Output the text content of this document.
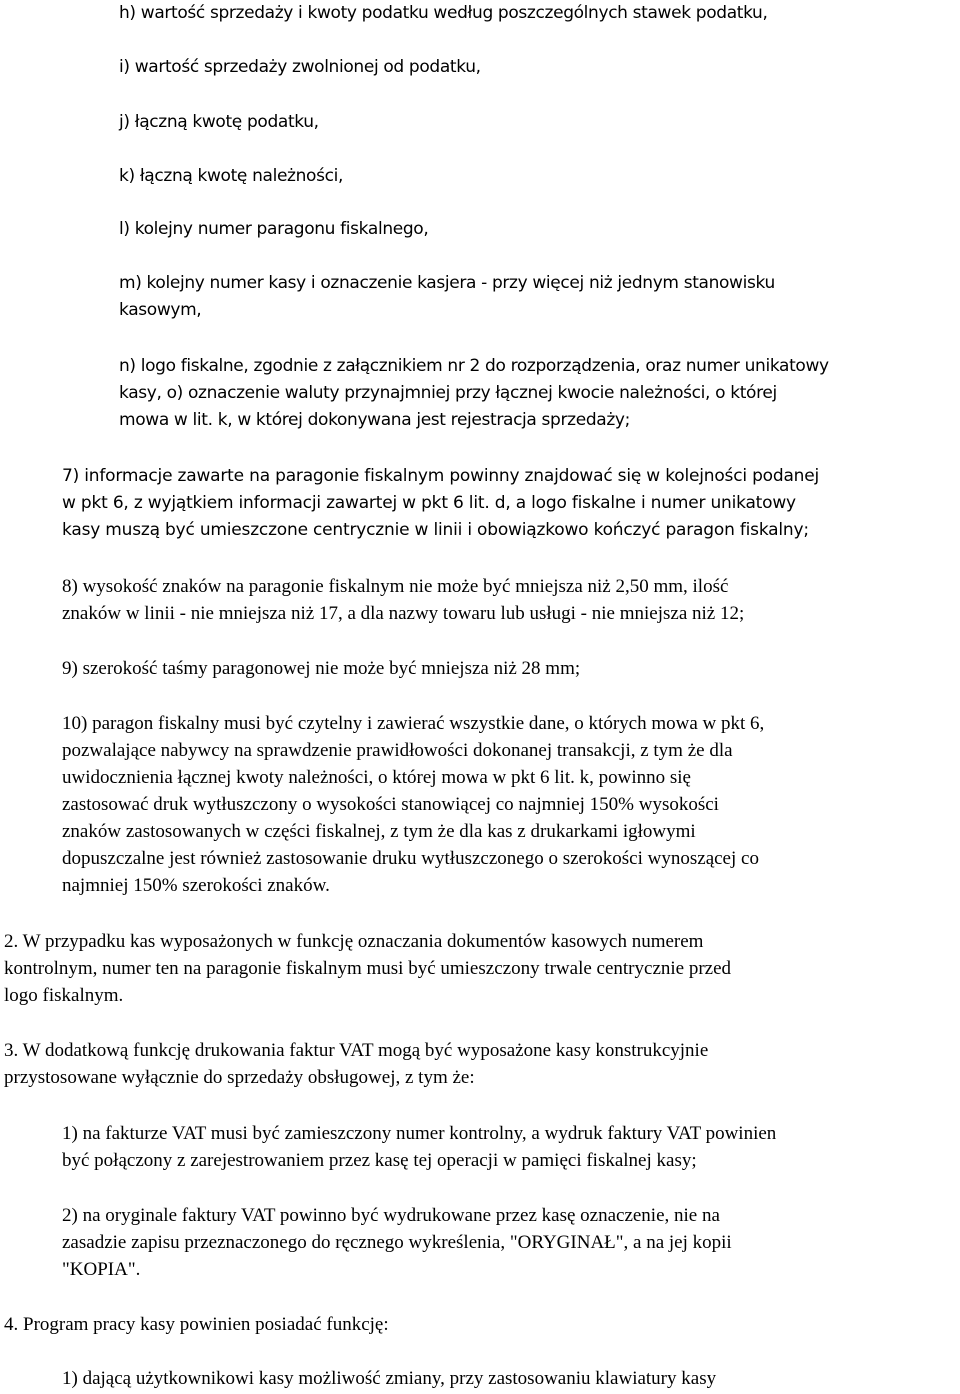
h) wartość sprzedaży i kwoty podatku według poszczególnych stawek podatku,

i) wartość sprzedaży zwolnionej od podatku,

j) łączną kwotę podatku,

k) łączną kwotę należności,

l) kolejny numer paragonu fiskalnego,

m) kolejny numer kasy i oznaczenie kasjera - przy więcej niż jednym stanowisku
kasowym,

n) logo fiskalne, zgodnie z załącznikiem nr 2 do rozporządzenia, oraz numer unikatowy
kasy, o) oznaczenie waluty przynajmniej przy łącznej kwocie należności, o której
mowa w lit. k, w której dokonywana jest rejestracja sprzedaży;

7) informacje zawarte na paragonie fiskalnym powinny znajdować się w kolejności podanej
w pkt 6, z wyjątkiem informacji zawartej w pkt 6 lit. d, a logo fiskalne i numer unikatowy
kasy muszą być umieszczone centrycznie w linii i obowiązkowo kończyć paragon fiskalny;

8) wysokość znaków na paragonie fiskalnym nie może być mniejsza niż 2,50 mm, ilość
znaków w linii - nie mniejsza niż 17, a dla nazwy towaru lub usługi - nie mniejsza niż 12;

9) szerokość taśmy paragonowej nie może być mniejsza niż 28 mm;

10) paragon fiskalny musi być czytelny i zawierać wszystkie dane, o których mowa w pkt 6,
pozwalające nabywcy na sprawdzenie prawidłowości dokonanej transakcji, z tym że dla
uwidocznienia łącznej kwoty należności, o której mowa w pkt 6 lit. k, powinno się
zastosować druk wytłuszczony o wysokości stanowiącej co najmniej 150% wysokości
znaków zastosowanych w części fiskalnej, z tym że dla kas z drukarkami igłowymi
dopuszczalne jest również zastosowanie druku wytłuszczonego o szerokości wynoszącej co
najmniej 150% szerokości znaków.

2. W przypadku kas wyposażonych w funkcję oznaczania dokumentów kasowych numerem
kontrolnym, numer ten na paragonie fiskalnym musi być umieszczony trwale centrycznie przed
logo fiskalnym.

3. W dodatkową funkcję drukowania faktur VAT mogą być wyposażone kasy konstrukcyjnie
przystosowane wyłącznie do sprzedaży obsługowej, z tym że:

1) na fakturze VAT musi być zamieszczony numer kontrolny, a wydruk faktury VAT powinien
być połączony z zarejestrowaniem przez kasę tej operacji w pamięci fiskalnej kasy;

2) na oryginale faktury VAT powinno być wydrukowane przez kasę oznaczenie, nie na
zasadzie zapisu przeznaczonego do ręcznego wykreślenia, "ORYGINAŁ", a na jej kopii
"KOPIA".

4. Program pracy kasy powinien posiadać funkcję:

1) dającą użytkownikowi kasy możliwość zmiany, przy zastosowaniu klawiatury kasy
